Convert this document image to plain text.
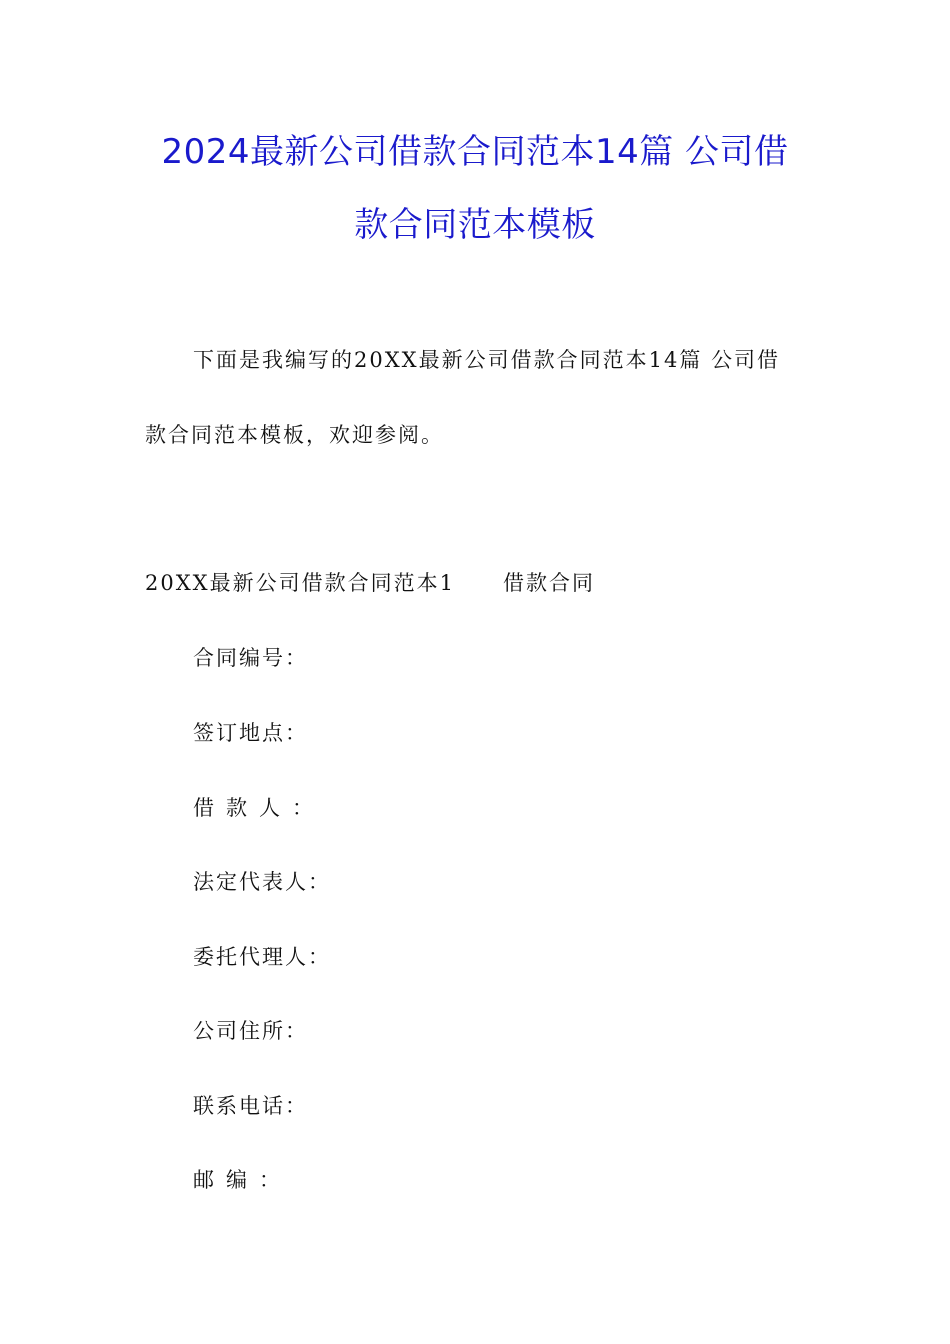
2024最新公司借款合同范本14篇 公司借
款合同范本模板
下面是我编写的20XX最新公司借款合同范本14篇 公司借
款合同范本模板，欢迎参阅。
20XX最新公司借款合同范本1 借款合同
合同编号：
签订地点：
借款人：
法定代表人：
委托代理人：
公司住所：
联系电话：
邮编：
